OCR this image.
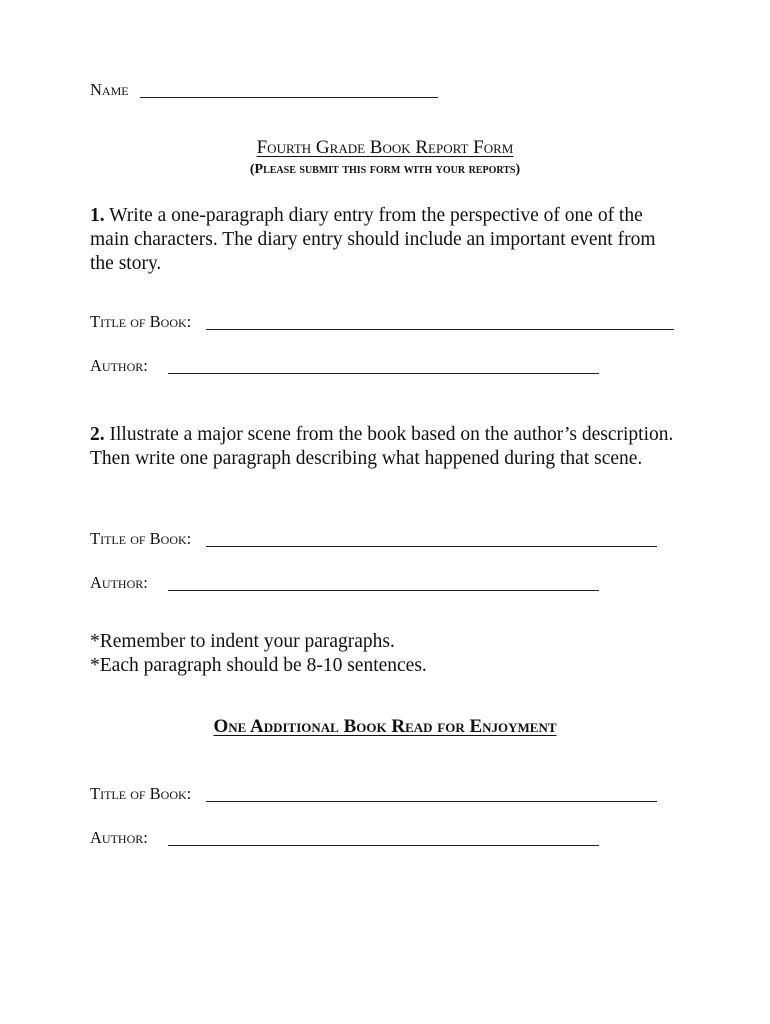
Name
Fourth Grade Book Report Form
(Please submit this form with your reports)
1. Write a one-paragraph diary entry from the perspective of one of the main characters. The diary entry should include an important event from the story.
Title of Book:
Author:
2. Illustrate a major scene from the book based on the author’s description. Then write one paragraph describing what happened during that scene.
Title of Book:
Author:
*Remember to indent your paragraphs.
*Each paragraph should be 8-10 sentences.
One Additional Book Read for Enjoyment
Title of Book:
Author:
